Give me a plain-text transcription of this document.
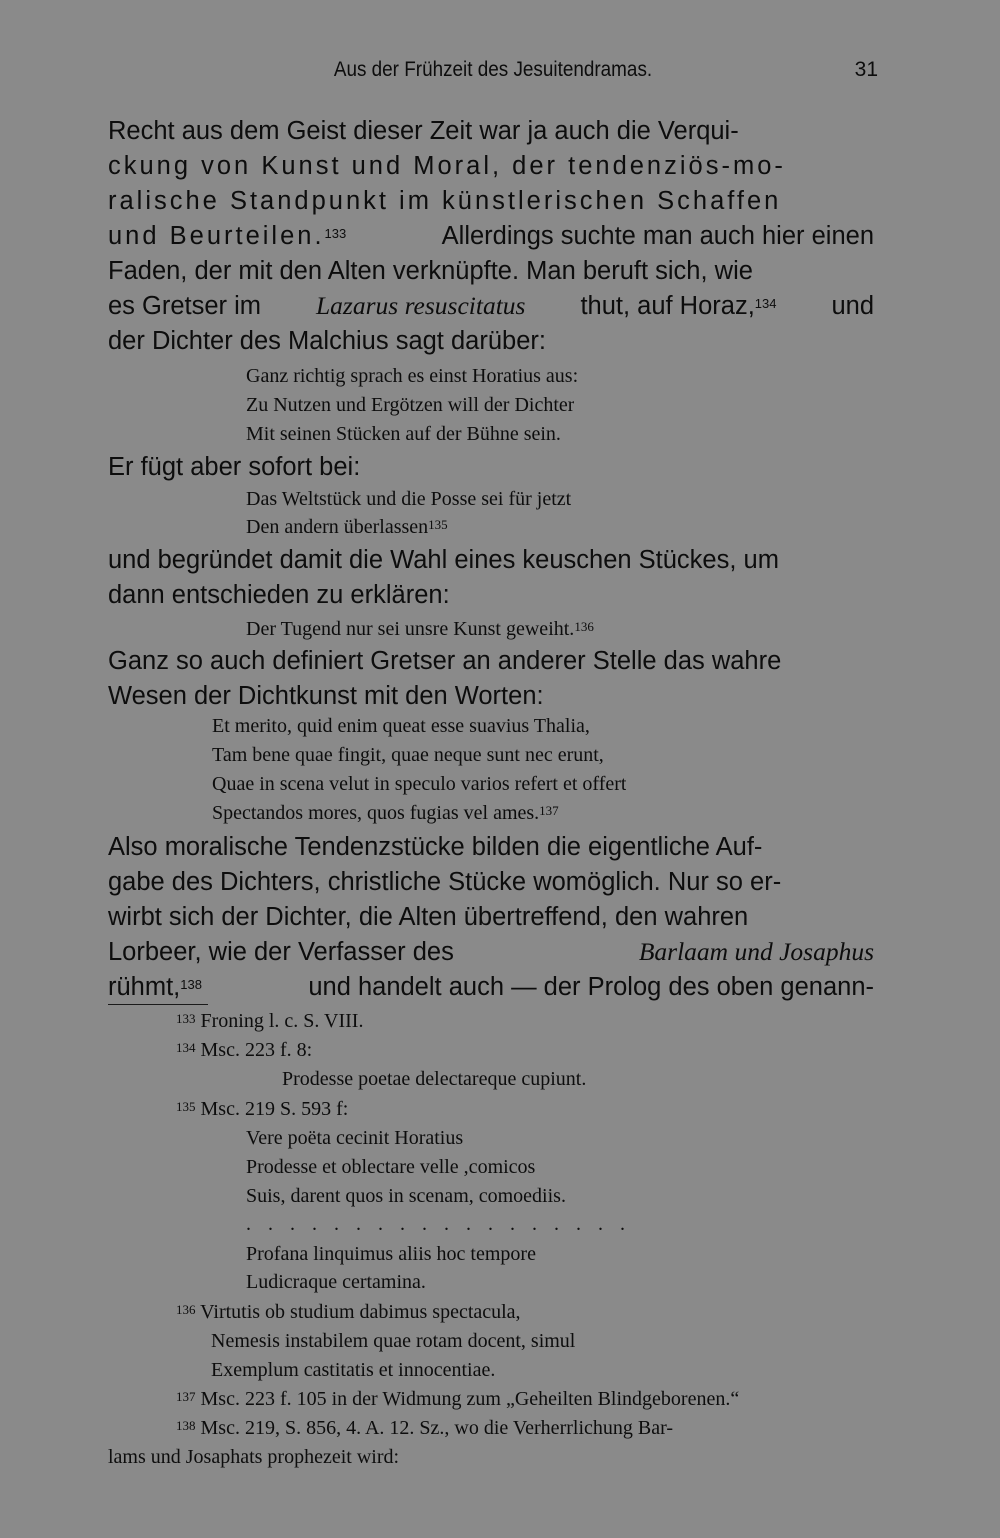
Aus der Frühzeit des Jesuitendramas.	31
Recht aus dem Geist dieser Zeit war ja auch die Verqui-
ckung von Kunst und Moral, der tendenziös-mo-
ralische Standpunkt im künstlerischen Schaffen
und Beurteilen.$^{133}$	Allerdings suchte man auch hier einen
Faden, der mit den Alten verknüpfte. Man beruft sich, wie
es Gretser im Lazarus resuscitatus thut, auf Horaz,$^{134}$ und
der Dichter des Malchius sagt darüber:
Ganz richtig sprach es einst Horatius aus:
Zu Nutzen und Ergötzen will der Dichter
Mit seinen Stücken auf der Bühne sein.
Er fügt aber sofort bei:
Das Weltstück und die Posse sei für jetzt
Den andern überlassen$^{135}$
und begründet damit die Wahl eines keuschen Stückes, um
dann entschieden zu erklären:
Der Tugend nur sei unsre Kunst geweiht.$^{136}$
Ganz so auch definiert Gretser an anderer Stelle das wahre
Wesen der Dichtkunst mit den Worten:
Et merito, quid enim queat esse suavius Thalia,
Tam bene quae fingit, quae neque sunt nec erunt,
Quae in scena velut in speculo varios refert et offert
Spectandos mores, quos fugias vel ames.$^{137}$
Also moralische Tendenzstücke bilden die eigentliche Auf-
gabe des Dichters, christliche Stücke womöglich. Nur so er-
wirbt sich der Dichter, die Alten übertreffend, den wahren
Lorbeer, wie der Verfasser des	Barlaam und Josaphus
rühmt,$^{138}$	und handelt auch — der Prolog des oben genann-
$^{133}$ Froning l. c. S. VIII.
$^{134}$ Msc. 223 f. 8:
Prodesse poetae delectareque cupiunt.
$^{135}$ Msc. 219 S. 593 f:
Vere poëta cecinit Horatius
Prodesse et oblectare velle ,comicos
Suis, darent quos in scenam, comoediis.
. . . . . . . . . . . . . . . . . .
Profana linquimus aliis hoc tempore
Ludicraque certamina.
$^{136}$ Virtutis ob studium dabimus spectacula,
Nemesis instabilem quae rotam docent, simul
Exemplum castitatis et innocentiae.
$^{137}$ Msc. 223 f. 105 in der Widmung zum „Geheilten Blindgeborenen.“
$^{138}$ Msc. 219, S. 856, 4. A. 12. Sz., wo die Verherrlichung Bar-
lams und Josaphats prophezeit wird:
